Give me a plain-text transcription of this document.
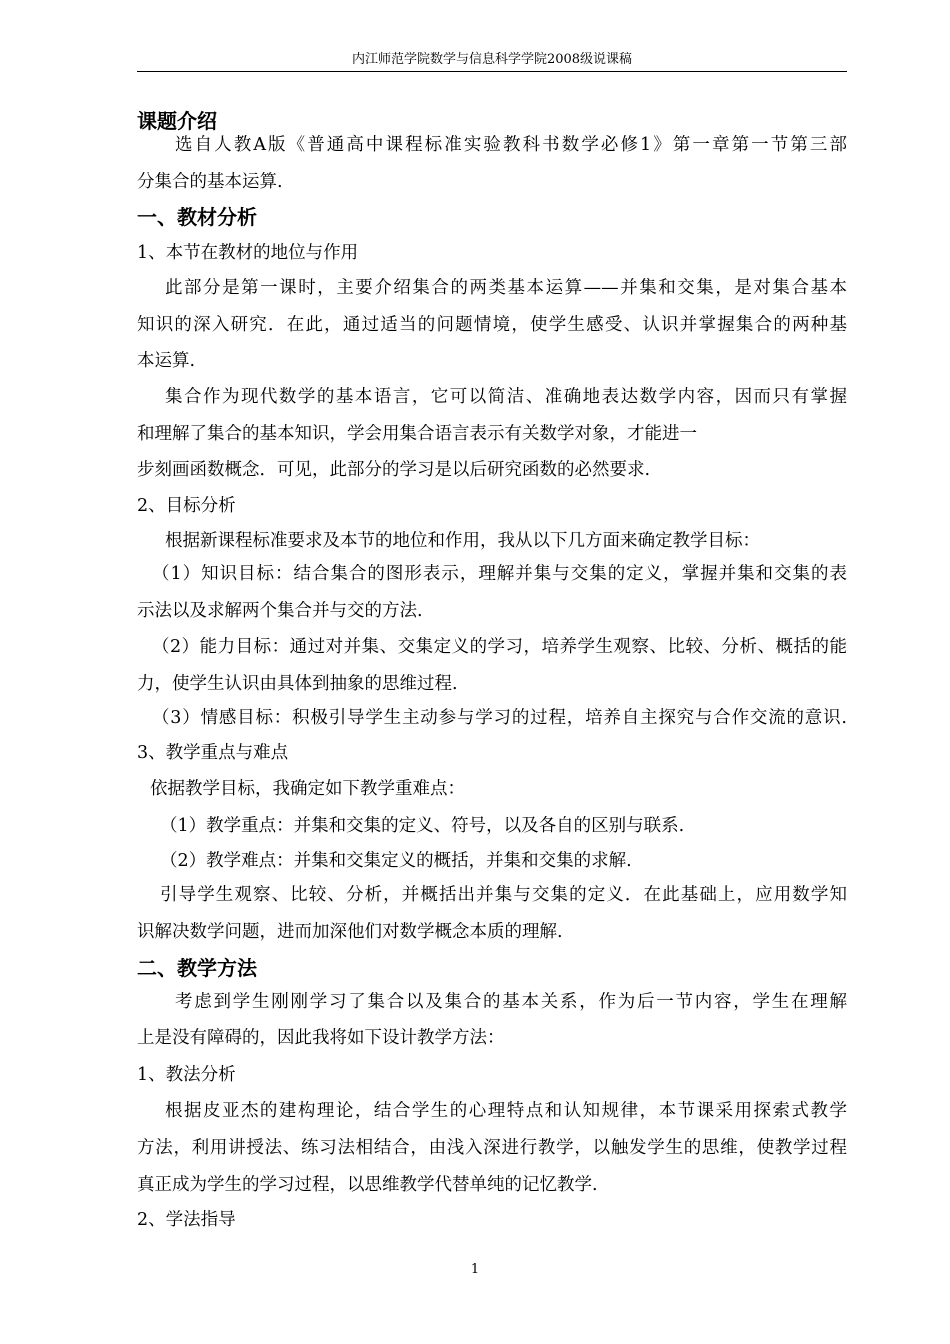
内江师范学院数学与信息科学学院2008级说课稿
课题介绍
选自人教A版《普通高中课程标准实验教科书数学必修1》第一章第一节第三部
分集合的基本运算.
一、教材分析
1、本节在教材的地位与作用
此部分是第一课时，主要介绍集合的两类基本运算——并集和交集，是对集合基本
知识的深入研究．在此，通过适当的问题情境，使学生感受、认识并掌握集合的两种基
本运算.
集合作为现代数学的基本语言，它可以简洁、准确地表达数学内容，因而只有掌握
和理解了集合的基本知识，学会用集合语言表示有关数学对象，才能进一
步刻画函数概念．可见，此部分的学习是以后研究函数的必然要求.
2、目标分析
根据新课程标准要求及本节的地位和作用，我从以下几方面来确定教学目标：
（1）知识目标：结合集合的图形表示，理解并集与交集的定义，掌握并集和交集的表
示法以及求解两个集合并与交的方法.
（2）能力目标：通过对并集、交集定义的学习，培养学生观察、比较、分析、概括的能
力，使学生认识由具体到抽象的思维过程.
（3）情感目标：积极引导学生主动参与学习的过程，培养自主探究与合作交流的意识.
3、教学重点与难点
依据教学目标，我确定如下教学重难点：
（1）教学重点：并集和交集的定义、符号，以及各自的区别与联系.
（2）教学难点：并集和交集定义的概括，并集和交集的求解.
引导学生观察、比较、分析，并概括出并集与交集的定义．在此基础上，应用数学知
识解决数学问题，进而加深他们对数学概念本质的理解.
二、教学方法
考虑到学生刚刚学习了集合以及集合的基本关系，作为后一节内容，学生在理解
上是没有障碍的，因此我将如下设计教学方法：
1、教法分析
根据皮亚杰的建构理论，结合学生的心理特点和认知规律，本节课采用探索式教学
方法，利用讲授法、练习法相结合，由浅入深进行教学，以触发学生的思维，使教学过程
真正成为学生的学习过程，以思维教学代替单纯的记忆教学.
2、学法指导
1
